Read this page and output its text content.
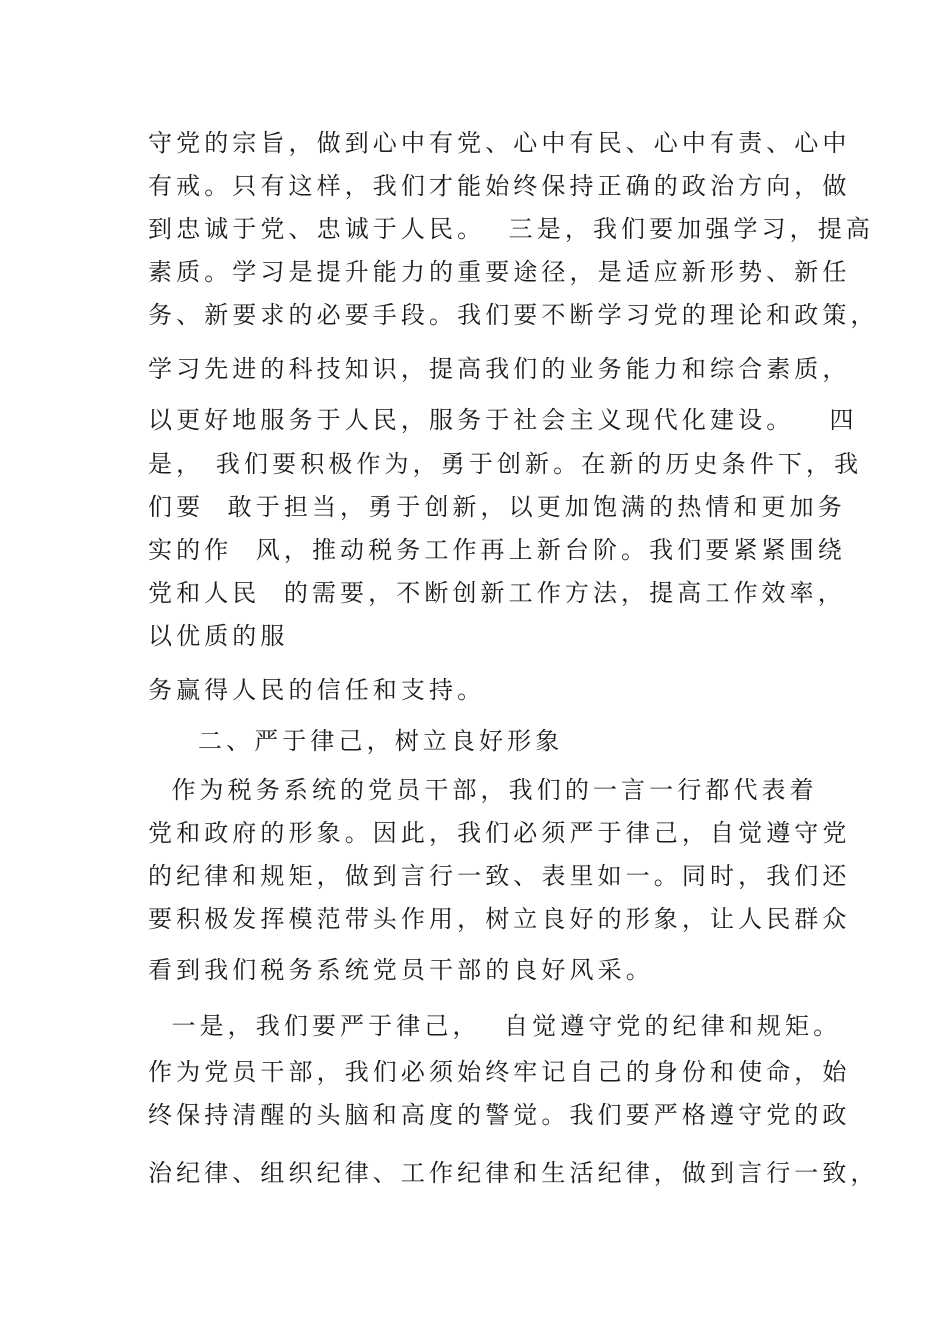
守党的宗旨，做到心中有党、心中有民、心中有责、心中
有戒。只有这样，我们才能始终保持正确的政治方向，做
到忠诚于党、忠诚于人民。  三是，我们要加强学习，提高
素质。学习是提升能力的重要途径，是适应新形势、新任
务、新要求的必要手段。我们要不断学习党的理论和政策，
学习先进的科技知识，提高我们的业务能力和综合素质，
以更好地服务于人民，服务于社会主义现代化建设。   四
是， 我们要积极作为，勇于创新。在新的历史条件下，我
们要  敢于担当，勇于创新，以更加饱满的热情和更加务
实的作  风，推动税务工作再上新台阶。我们要紧紧围绕
党和人民  的需要，不断创新工作方法，提高工作效率，
以优质的服
务赢得人民的信任和支持。
二、严于律己，树立良好形象
作为税务系统的党员干部，我们的一言一行都代表着
党和政府的形象。因此，我们必须严于律己，自觉遵守党
的纪律和规矩，做到言行一致、表里如一。同时，我们还
要积极发挥模范带头作用，树立良好的形象，让人民群众
看到我们税务系统党员干部的良好风采。
一是，我们要严于律己，  自觉遵守党的纪律和规矩。
作为党员干部，我们必须始终牢记自己的身份和使命，始
终保持清醒的头脑和高度的警觉。我们要严格遵守党的政
治纪律、组织纪律、工作纪律和生活纪律，做到言行一致，
